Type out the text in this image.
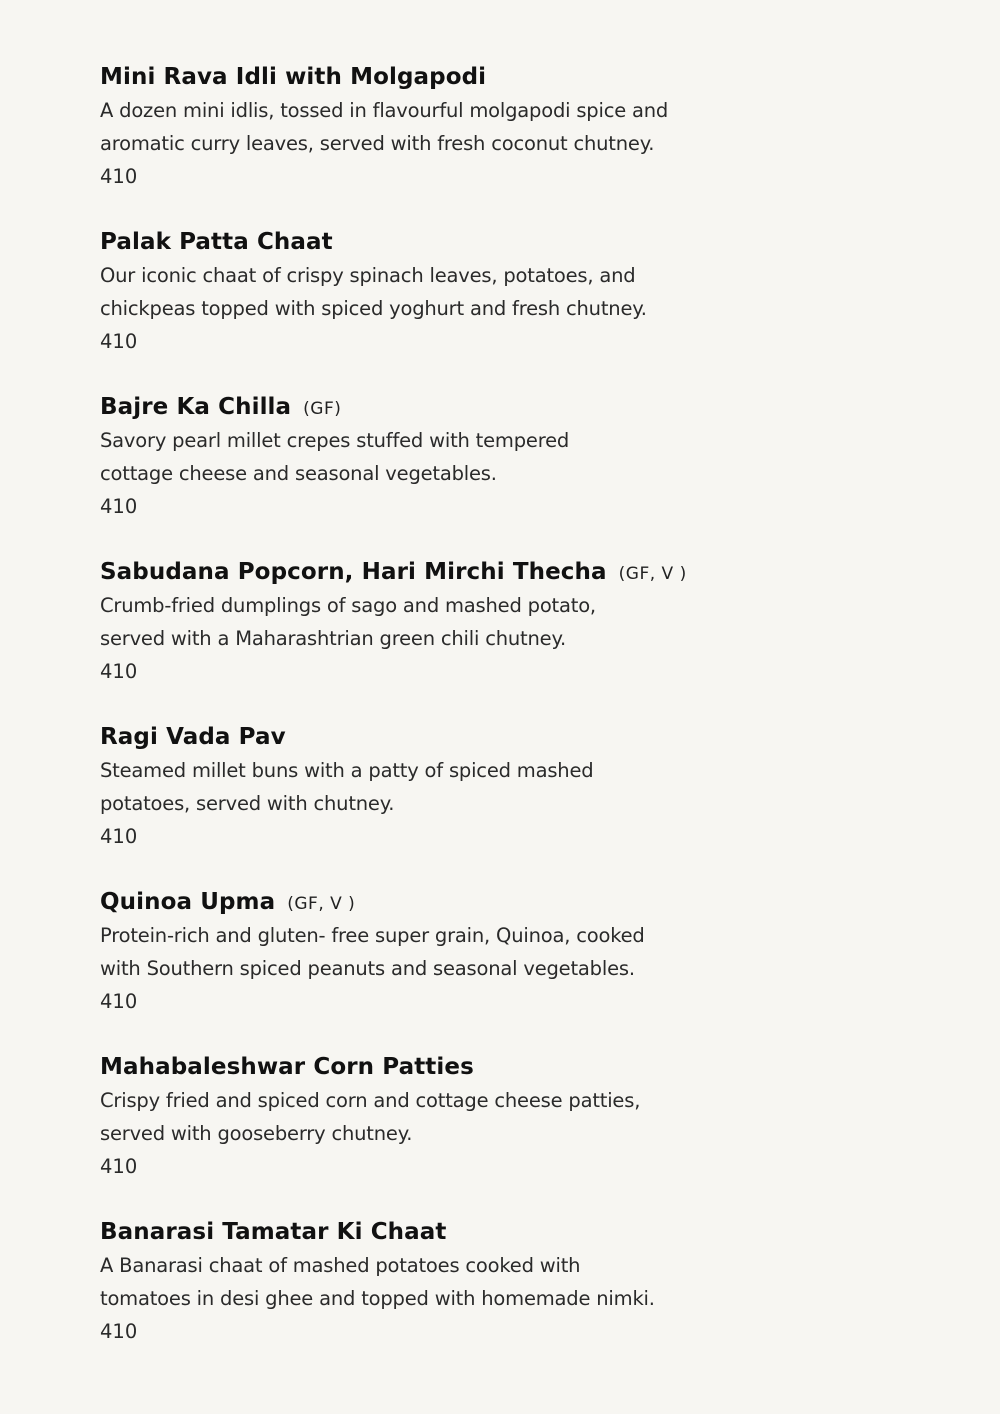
Mini Rava Idli with Molgapodi
A dozen mini idlis, tossed in flavourful molgapodi spice and
aromatic curry leaves, served with fresh coconut chutney.
410
Palak Patta Chaat
Our iconic chaat of crispy spinach leaves, potatoes, and
chickpeas topped with spiced yoghurt and fresh chutney.
410
Bajre Ka Chilla (GF)
Savory pearl millet crepes stuffed with tempered
cottage cheese and seasonal vegetables.
410
Sabudana Popcorn, Hari Mirchi Thecha (GF, V )
Crumb-fried dumplings of sago and mashed potato,
served with a Maharashtrian green chili chutney.
410
Ragi Vada Pav
Steamed millet buns with a patty of spiced mashed
potatoes, served with chutney.
410
Quinoa Upma (GF, V )
Protein-rich and gluten- free super grain, Quinoa, cooked
with Southern spiced peanuts and seasonal vegetables.
410
Mahabaleshwar Corn Patties
Crispy fried and spiced corn and cottage cheese patties,
served with gooseberry chutney.
410
Banarasi Tamatar Ki Chaat
A Banarasi chaat of mashed potatoes cooked with
tomatoes in desi ghee and topped with homemade nimki.
410
